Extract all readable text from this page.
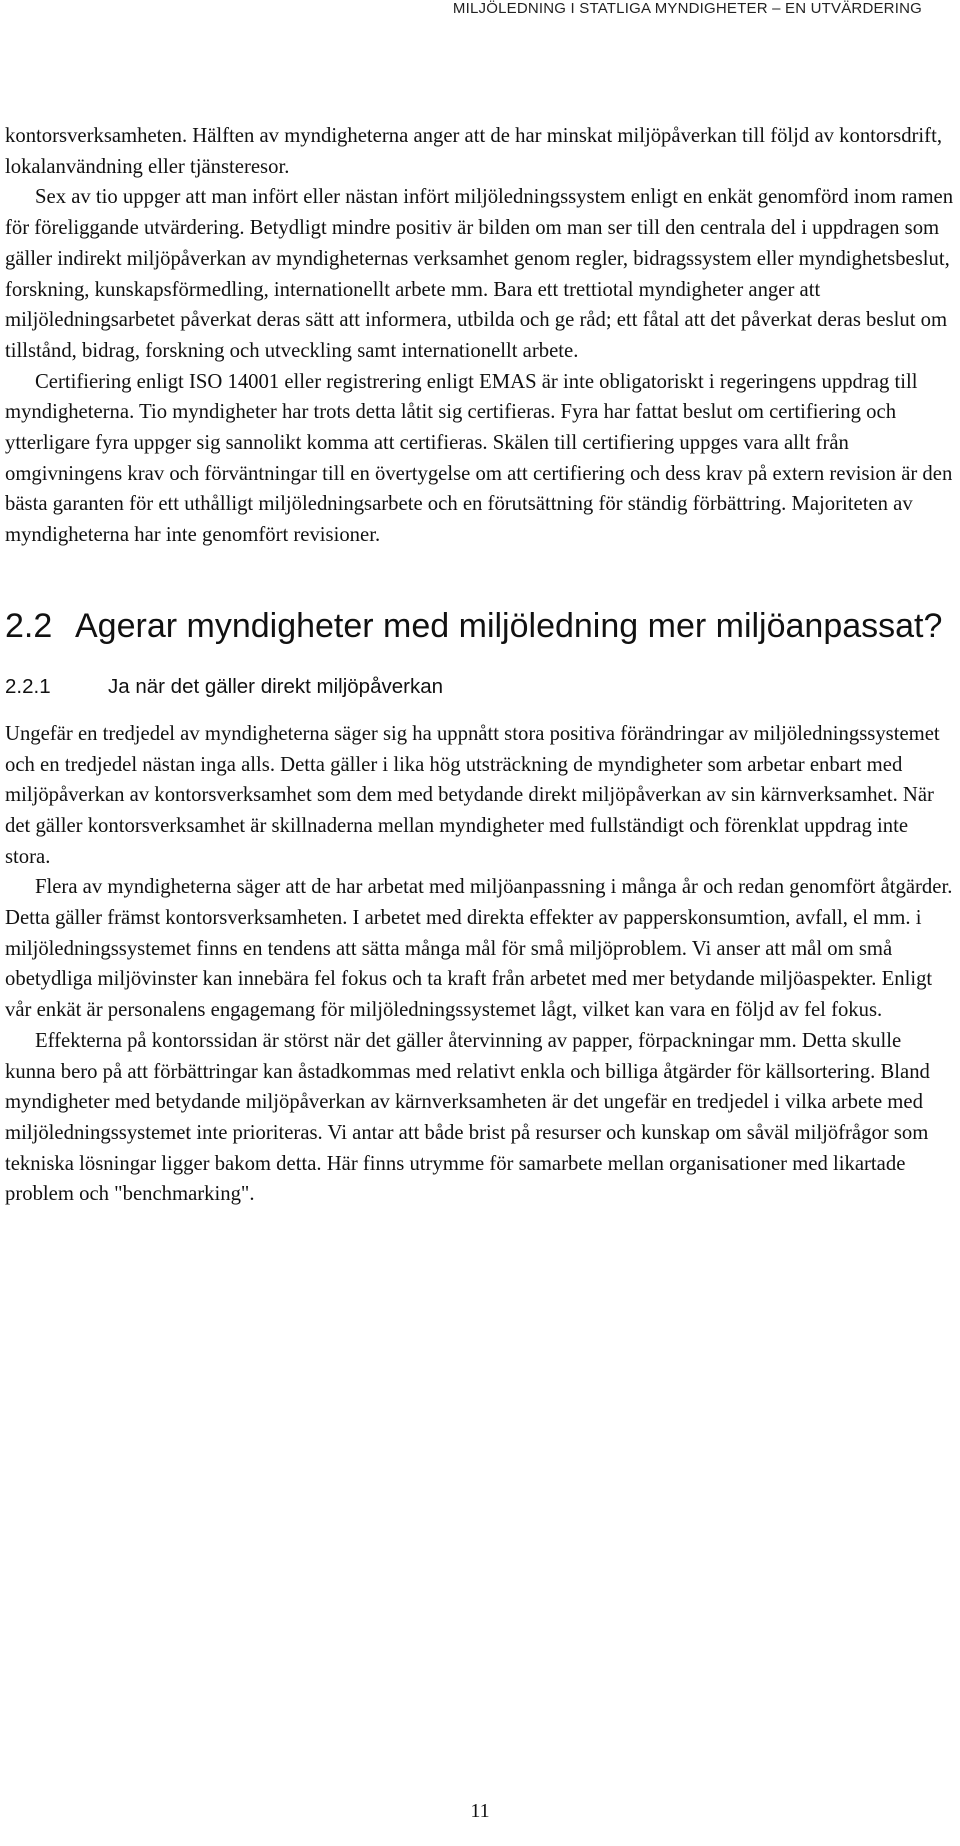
MILJÖLEDNING I STATLIGA MYNDIGHETER – EN UTVÄRDERING

kontorsverksamheten. Hälften av myndigheterna anger att de har minskat miljöpåverkan till följd av kontorsdrift, lokalanvändning eller tjänsteresor.

Sex av tio uppger att man infört eller nästan infört miljöledningssystem enligt en enkät genomförd inom ramen för föreliggande utvärdering. Betydligt mindre positiv är bilden om man ser till den centrala del i uppdragen som gäller indirekt miljöpåverkan av myndigheternas verksamhet genom regler, bidragssystem eller myndighetsbeslut, forskning, kunskapsförmedling, internationellt arbete mm. Bara ett trettiotal myndigheter anger att miljöledningsarbetet påverkat deras sätt att informera, utbilda och ge råd; ett fåtal att det påverkat deras beslut om tillstånd, bidrag, forskning och utveckling samt internationellt arbete.

Certifiering enligt ISO 14001 eller registrering enligt EMAS är inte obligatoriskt i regeringens uppdrag till myndigheterna. Tio myndigheter har trots detta låtit sig certifieras. Fyra har fattat beslut om certifiering och ytterligare fyra uppger sig sannolikt komma att certifieras. Skälen till certifiering uppges vara allt från omgivningens krav och förväntningar till en övertygelse om att certifiering och dess krav på extern revision är den bästa garanten för ett uthålligt miljöledningsarbete och en förutsättning för ständig förbättring. Majoriteten av myndigheterna har inte genomfört revisioner.

2.2 Agerar myndigheter med miljöledning mer miljöanpassat?
2.2.1	Ja när det gäller direkt miljöpåverkan

Ungefär en tredjedel av myndigheterna säger sig ha uppnått stora positiva förändringar av miljöledningssystemet och en tredjedel nästan inga alls. Detta gäller i lika hög utsträckning de myndigheter som arbetar enbart med miljöpåverkan av kontorsverksamhet som dem med betydande direkt miljöpåverkan av sin kärnverksamhet. När det gäller kontorsverksamhet är skillnaderna mellan myndigheter med fullständigt och förenklat uppdrag inte stora.

Flera av myndigheterna säger att de har arbetat med miljöanpassning i många år och redan genomfört åtgärder. Detta gäller främst kontorsverksamheten. I arbetet med direkta effekter av papperskonsumtion, avfall, el mm. i miljöledningssystemet finns en tendens att sätta många mål för små miljöproblem. Vi anser att mål om små obetydliga miljövinster kan innebära fel fokus och ta kraft från arbetet med mer betydande miljöaspekter. Enligt vår enkät är personalens engagemang för miljöledningssystemet lågt, vilket kan vara en följd av fel fokus.

Effekterna på kontorssidan är störst när det gäller återvinning av papper, förpackningar mm. Detta skulle kunna bero på att förbättringar kan åstadkommas med relativt enkla och billiga åtgärder för källsortering. Bland myndigheter med betydande miljöpåverkan av kärnverksamheten är det ungefär en tredjedel i vilka arbete med miljöledningssystemet inte prioriteras. Vi antar att både brist på resurser och kunskap om såväl miljöfrågor som tekniska lösningar ligger bakom detta. Här finns utrymme för samarbete mellan organisationer med likartade problem och "benchmarking".

11
